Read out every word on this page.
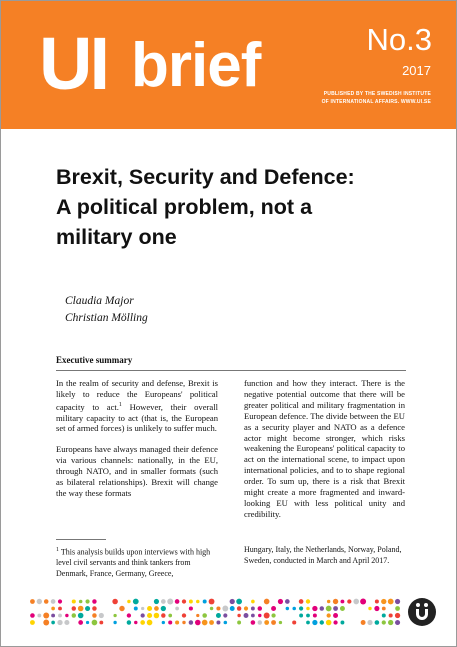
UI brief	No.3
2017
PUBLISHED BY THE SWEDISH INSTITUTE
OF INTERNATIONAL AFFAIRS. WWW.UI.SE
Brexit, Security and Defence:
A political problem, not a
military one
Claudia Major
Christian Mölling
Executive summary

In the realm of security and defense, Brexit is likely to reduce the Europeans' political capacity to act.$^1$ However, their overall military capacity to act (that is, the European set of armed forces) is unlikely to suffer much.

Europeans have always managed their defence via various channels: nationally, in the EU, through NATO, and in smaller formats (such as bilateral relationships). Brexit will change the way these formats

function and how they interact. There is the negative potential outcome that there will be greater political and military fragmentation in European defence. The divide between the EU as a security player and NATO as a defence actor might become stronger, which risks weakening the Europeans' political capacity to act on the international scene, to impact upon international policies, and to to shape regional order. To sum up, there is a risk that Brexit might create a more fragmented and inward-looking EU with less political unity and credibility.

$^1$ This analysis builds upon interviews with high level civil servants and think tankers from Denmark, France, Germany, Greece,
Hungary, Italy, the Netherlands, Norway, Poland, Sweden, conducted in March and April 2017.
